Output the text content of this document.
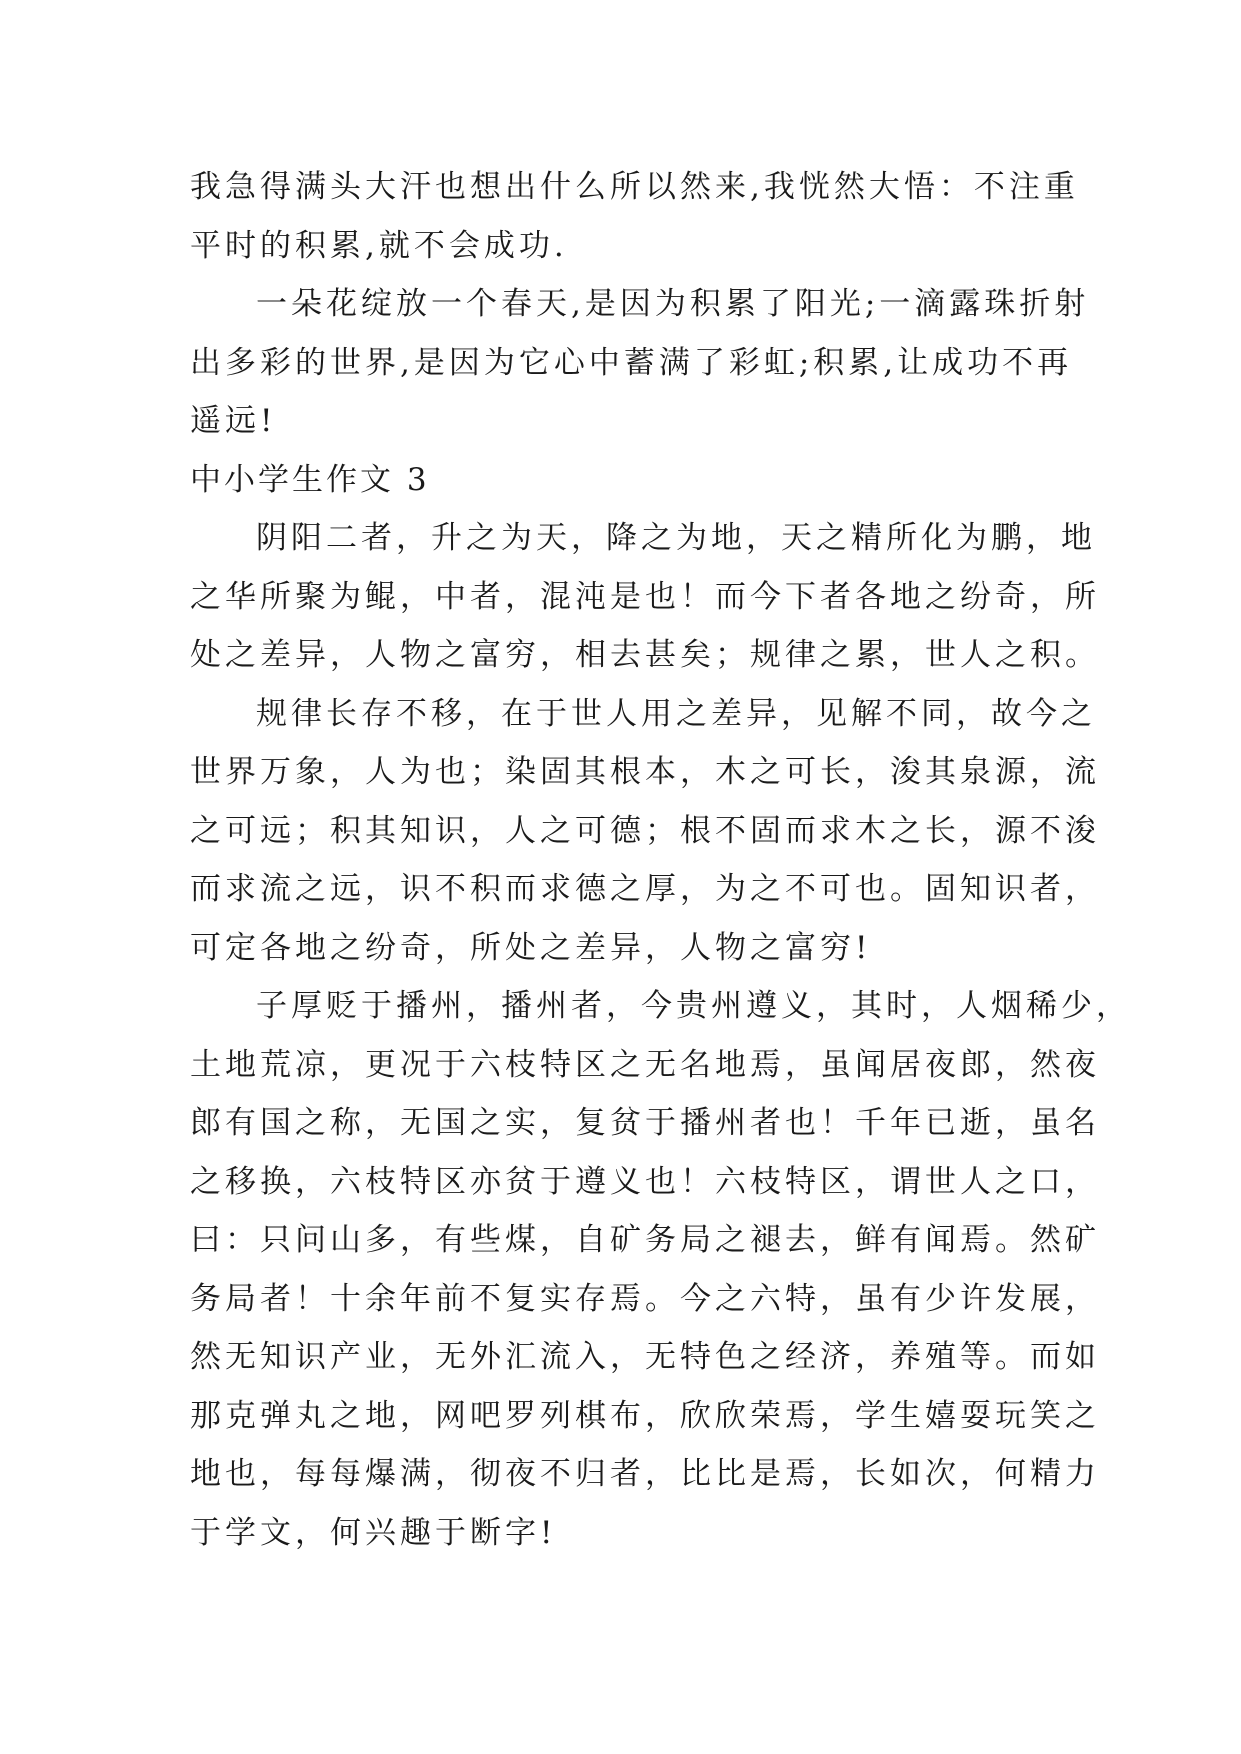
我急得满头大汗也想出什么所以然来,我恍然大悟：不注重

平时的积累,就不会成功.

一朵花绽放一个春天,是因为积累了阳光;一滴露珠折射

出多彩的世界,是因为它心中蓄满了彩虹;积累,让成功不再

遥远!

中小学生作文 3

阴阳二者，升之为天，降之为地，天之精所化为鹏，地

之华所聚为鲲，中者，混沌是也！而今下者各地之纷奇，所

处之差异，人物之富穷，相去甚矣；规律之累，世人之积。

规律长存不移，在于世人用之差异，见解不同，故今之

世界万象，人为也；染固其根本，木之可长，浚其泉源，流

之可远；积其知识，人之可德；根不固而求木之长，源不浚

而求流之远，识不积而求德之厚，为之不可也。固知识者，

可定各地之纷奇，所处之差异，人物之富穷!

子厚贬于播州，播州者，今贵州遵义，其时，人烟稀少，

土地荒凉，更况于六枝特区之无名地焉，虽闻居夜郎，然夜

郎有国之称，无国之实，复贫于播州者也！千年已逝，虽名

之移换，六枝特区亦贫于遵义也！六枝特区，谓世人之口，

曰：只问山多，有些煤，自矿务局之褪去，鲜有闻焉。然矿

务局者！十余年前不复实存焉。今之六特，虽有少许发展，

然无知识产业，无外汇流入，无特色之经济，养殖等。而如

那克弹丸之地，网吧罗列棋布，欣欣荣焉，学生嬉耍玩笑之

地也，每每爆满，彻夜不归者，比比是焉，长如次，何精力

于学文，何兴趣于断字!
